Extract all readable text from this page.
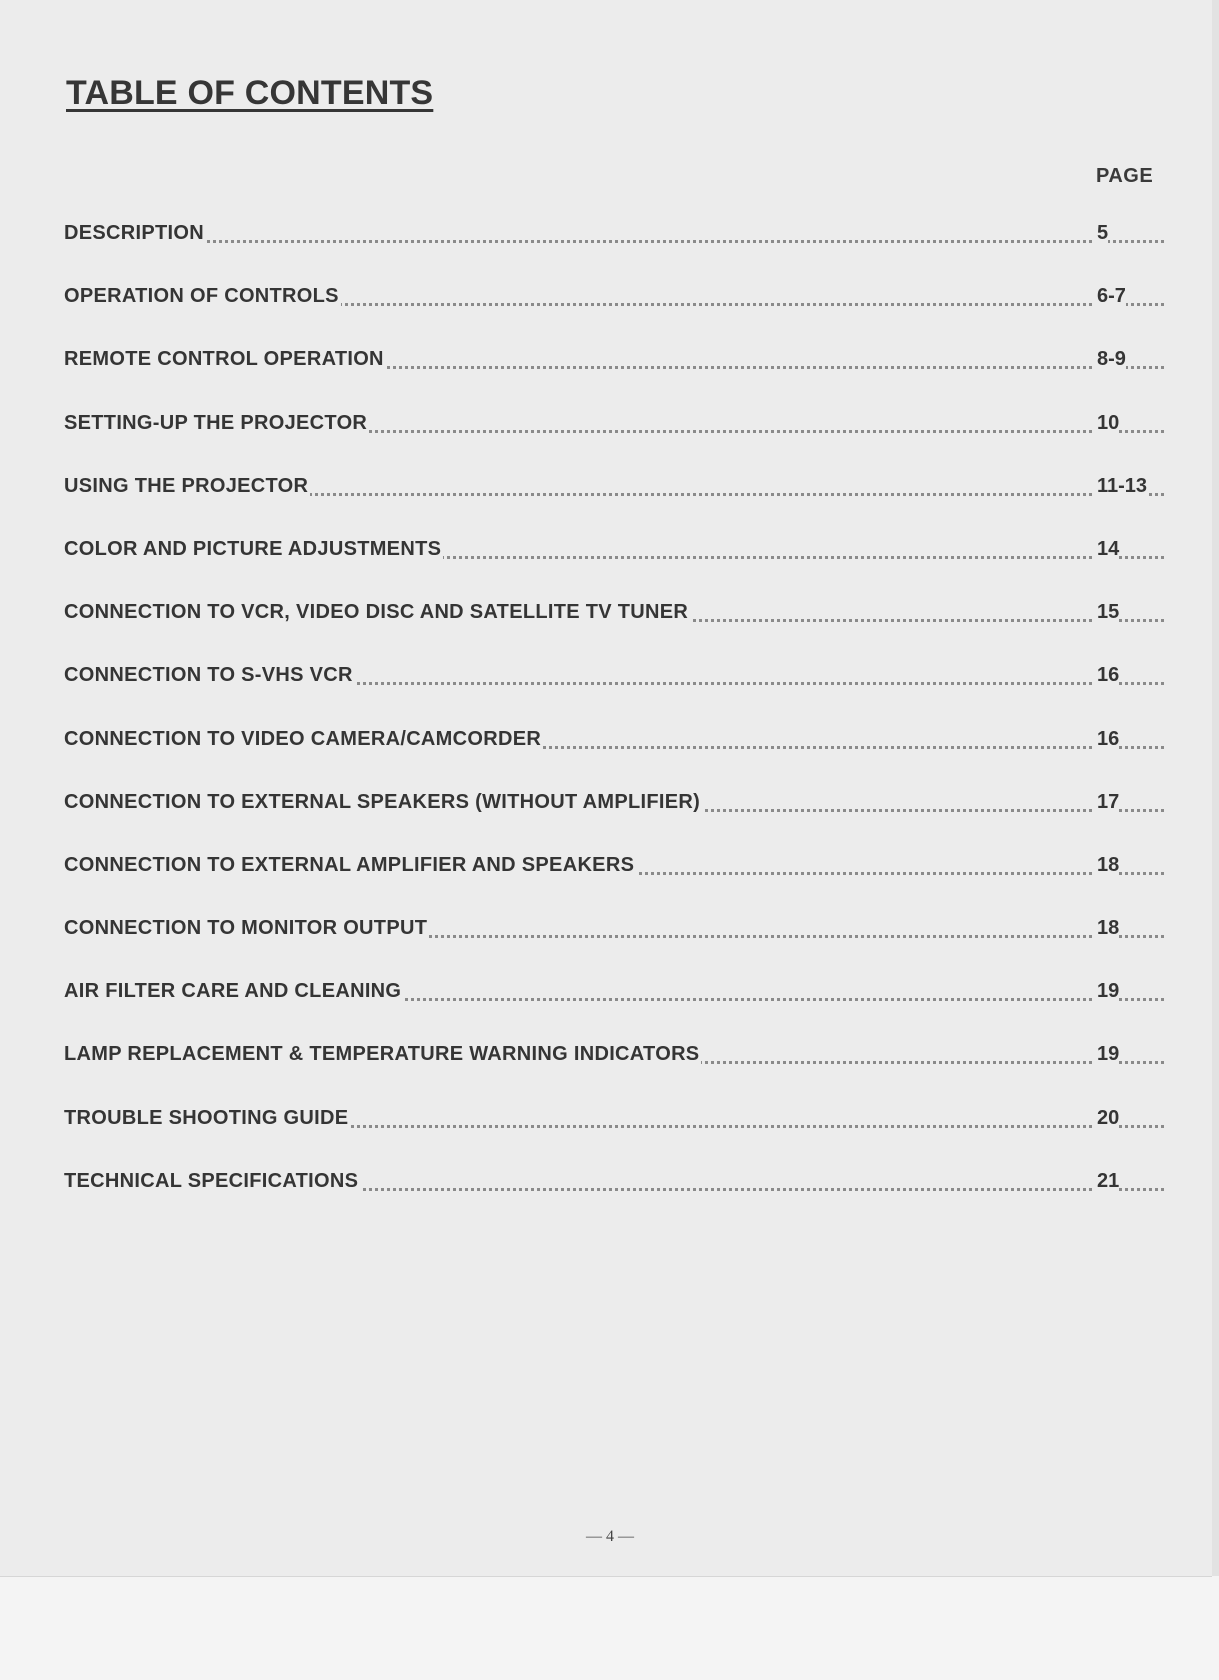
TABLE OF CONTENTS
PAGE
DESCRIPTION	5
OPERATION OF CONTROLS	6-7
REMOTE CONTROL OPERATION	8-9
SETTING-UP THE PROJECTOR	10
USING THE PROJECTOR	11-13
COLOR AND PICTURE ADJUSTMENTS	14
CONNECTION TO VCR, VIDEO DISC AND SATELLITE TV TUNER	15
CONNECTION TO S-VHS VCR	16
CONNECTION TO VIDEO CAMERA/CAMCORDER	16
CONNECTION TO EXTERNAL SPEAKERS (WITHOUT AMPLIFIER)	17
CONNECTION TO EXTERNAL AMPLIFIER AND SPEAKERS	18
CONNECTION TO MONITOR OUTPUT	18
AIR FILTER CARE AND CLEANING	19
LAMP REPLACEMENT & TEMPERATURE WARNING INDICATORS	19
TROUBLE SHOOTING GUIDE	20
TECHNICAL SPECIFICATIONS	21
— 4 —
